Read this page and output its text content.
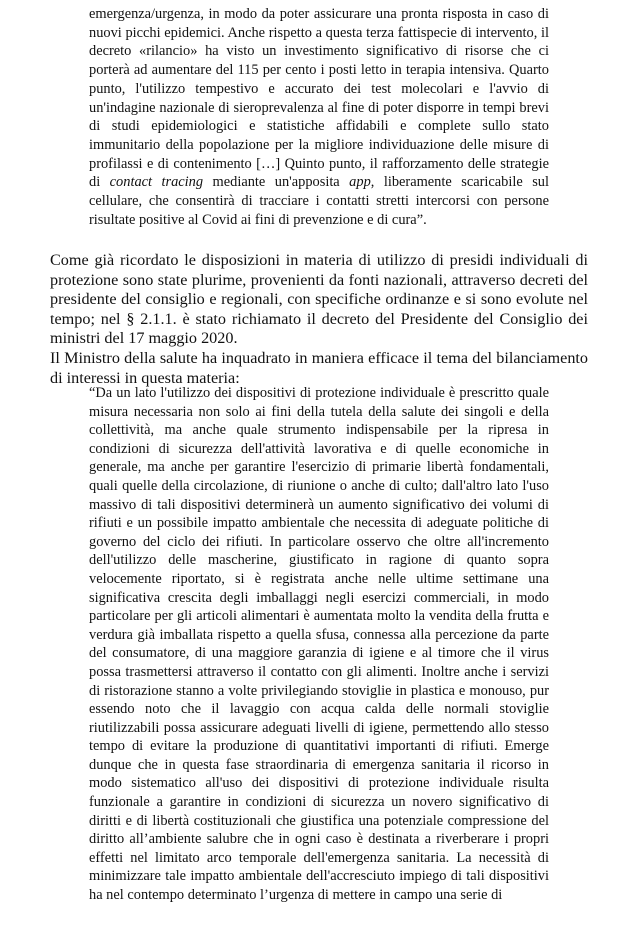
emergenza/urgenza, in modo da poter assicurare una pronta risposta in caso di nuovi picchi epidemici. Anche rispetto a questa terza fattispecie di intervento, il decreto «rilancio» ha visto un investimento significativo di risorse che ci porterà ad aumentare del 115 per cento i posti letto in terapia intensiva. Quarto punto, l'utilizzo tempestivo e accurato dei test molecolari e l'avvio di un'indagine nazionale di sieroprevalenza al fine di poter disporre in tempi brevi di studi epidemiologici e statistiche affidabili e complete sullo stato immunitario della popolazione per la migliore individuazione delle misure di profilassi e di contenimento […] Quinto punto, il rafforzamento delle strategie di contact tracing mediante un'apposita app, liberamente scaricabile sul cellulare, che consentirà di tracciare i contatti stretti intercorsi con persone risultate positive al Covid ai fini di prevenzione e di cura”.
Come già ricordato le disposizioni in materia di utilizzo di presidi individuali di protezione sono state plurime, provenienti da fonti nazionali, attraverso decreti del presidente del consiglio e regionali, con specifiche ordinanze e si sono evolute nel tempo; nel § 2.1.1. è stato richiamato il decreto del Presidente del Consiglio dei ministri del 17 maggio 2020.
Il Ministro della salute ha inquadrato in maniera efficace il tema del bilanciamento di interessi in questa materia:
“Da un lato l'utilizzo dei dispositivi di protezione individuale è prescritto quale misura necessaria non solo ai fini della tutela della salute dei singoli e della collettività, ma anche quale strumento indispensabile per la ripresa in condizioni di sicurezza dell'attività lavorativa e di quelle economiche in generale, ma anche per garantire l'esercizio di primarie libertà fondamentali, quali quelle della circolazione, di riunione o anche di culto; dall'altro lato l'uso massivo di tali dispositivi determinerà un aumento significativo dei volumi di rifiuti e un possibile impatto ambientale che necessita di adeguate politiche di governo del ciclo dei rifiuti. In particolare osservo che oltre all'incremento dell'utilizzo delle mascherine, giustificato in ragione di quanto sopra velocemente riportato, si è registrata anche nelle ultime settimane una significativa crescita degli imballaggi negli esercizi commerciali, in modo particolare per gli articoli alimentari è aumentata molto la vendita della frutta e verdura già imballata rispetto a quella sfusa, connessa alla percezione da parte del consumatore, di una maggiore garanzia di igiene e al timore che il virus possa trasmettersi attraverso il contatto con gli alimenti. Inoltre anche i servizi di ristorazione stanno a volte privilegiando stoviglie in plastica e monouso, pur essendo noto che il lavaggio con acqua calda delle normali stoviglie riutilizzabili possa assicurare adeguati livelli di igiene, permettendo allo stesso tempo di evitare la produzione di quantitativi importanti di rifiuti. Emerge dunque che in questa fase straordinaria di emergenza sanitaria il ricorso in modo sistematico all'uso dei dispositivi di protezione individuale risulta funzionale a garantire in condizioni di sicurezza un novero significativo di diritti e di libertà costituzionali che giustifica una potenziale compressione del diritto all’ambiente salubre che in ogni caso è destinata a riverberare i propri effetti nel limitato arco temporale dell'emergenza sanitaria. La necessità di minimizzare tale impatto ambientale dell'accresciuto impiego di tali dispositivi ha nel contempo determinato l’urgenza di mettere in campo una serie di
